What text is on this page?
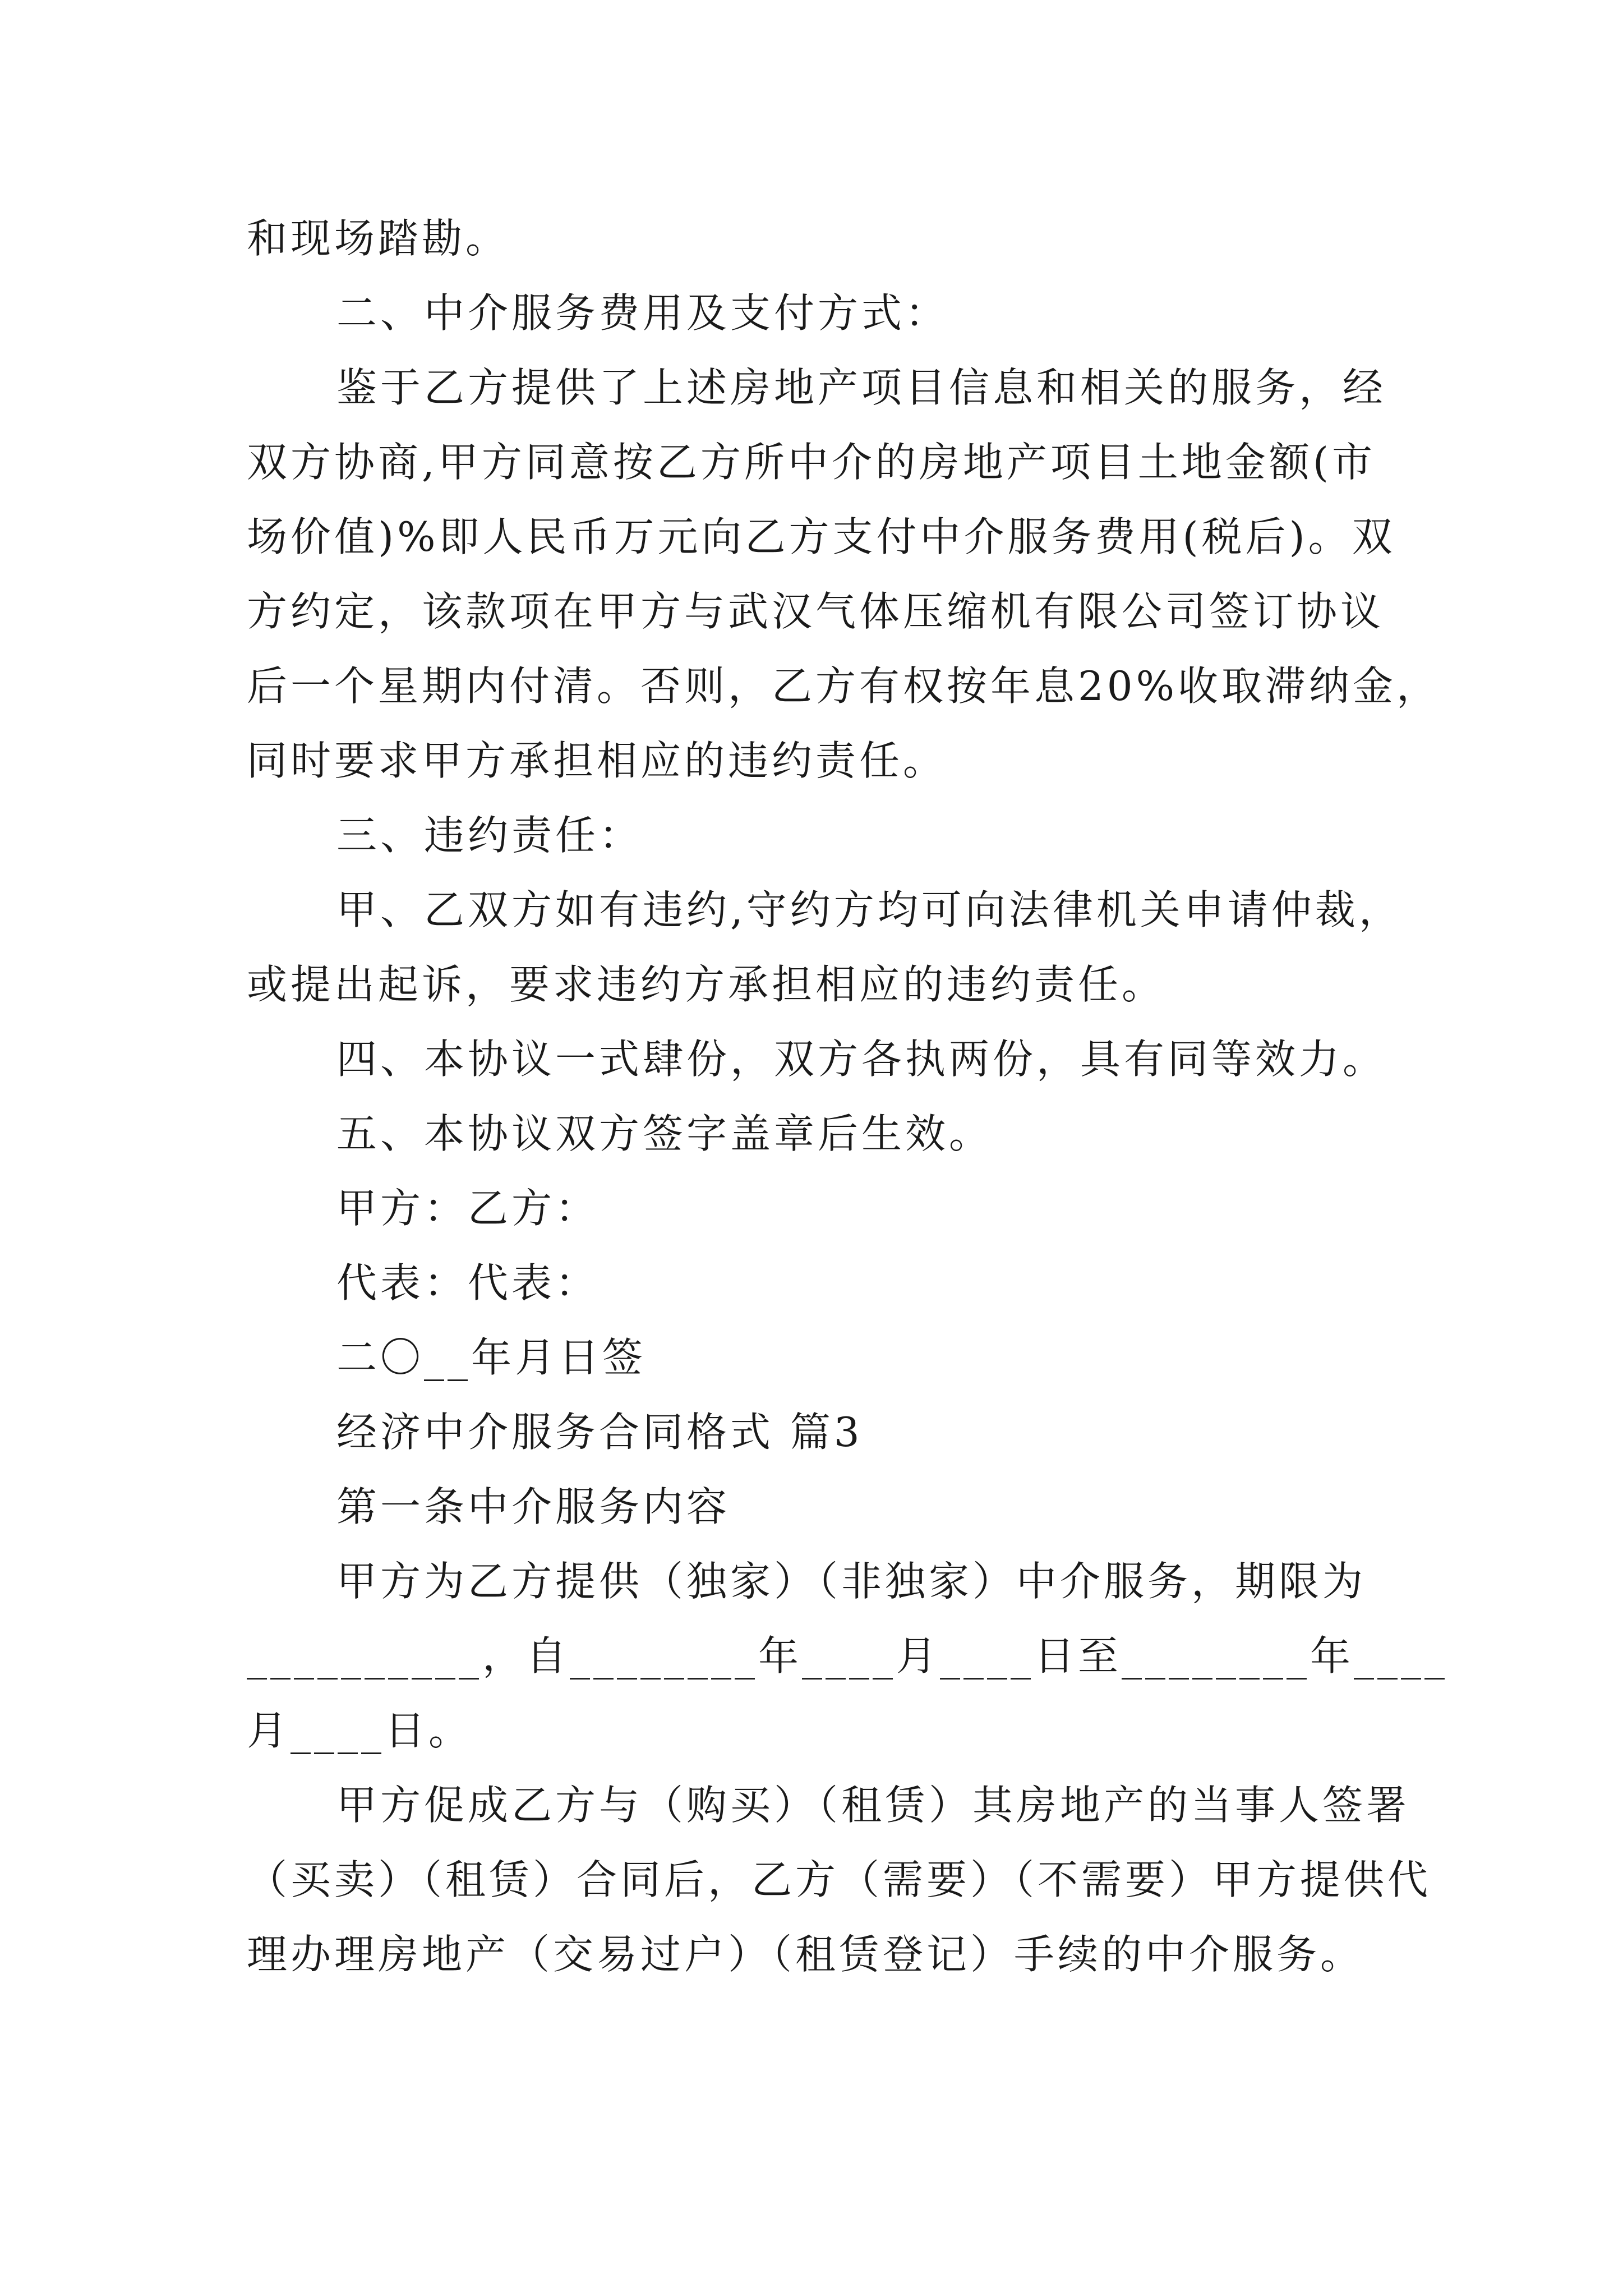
和现场踏勘。
二、中介服务费用及支付方式：
鉴于乙方提供了上述房地产项目信息和相关的服务，经
双方协商,甲方同意按乙方所中介的房地产项目土地金额(市
场价值)%即人民币万元向乙方支付中介服务费用(税后)。双
方约定，该款项在甲方与武汉气体压缩机有限公司签订协议
后一个星期内付清。否则，乙方有权按年息20%收取滞纳金，
同时要求甲方承担相应的违约责任。
三、违约责任：
甲、乙双方如有违约,守约方均可向法律机关申请仲裁，
或提出起诉，要求违约方承担相应的违约责任。
四、本协议一式肆份，双方各执两份，具有同等效力。
五、本协议双方签字盖章后生效。
甲方：乙方：
代表：代表：
二〇__年月日签
经济中介服务合同格式 篇3
第一条中介服务内容
甲方为乙方提供（独家）（非独家）中介服务，期限为
__________，自________年____月____日至________年____
月____日。
甲方促成乙方与（购买）（租赁）其房地产的当事人签署
（买卖）（租赁）合同后，乙方（需要）（不需要）甲方提供代
理办理房地产（交易过户）（租赁登记）手续的中介服务。
